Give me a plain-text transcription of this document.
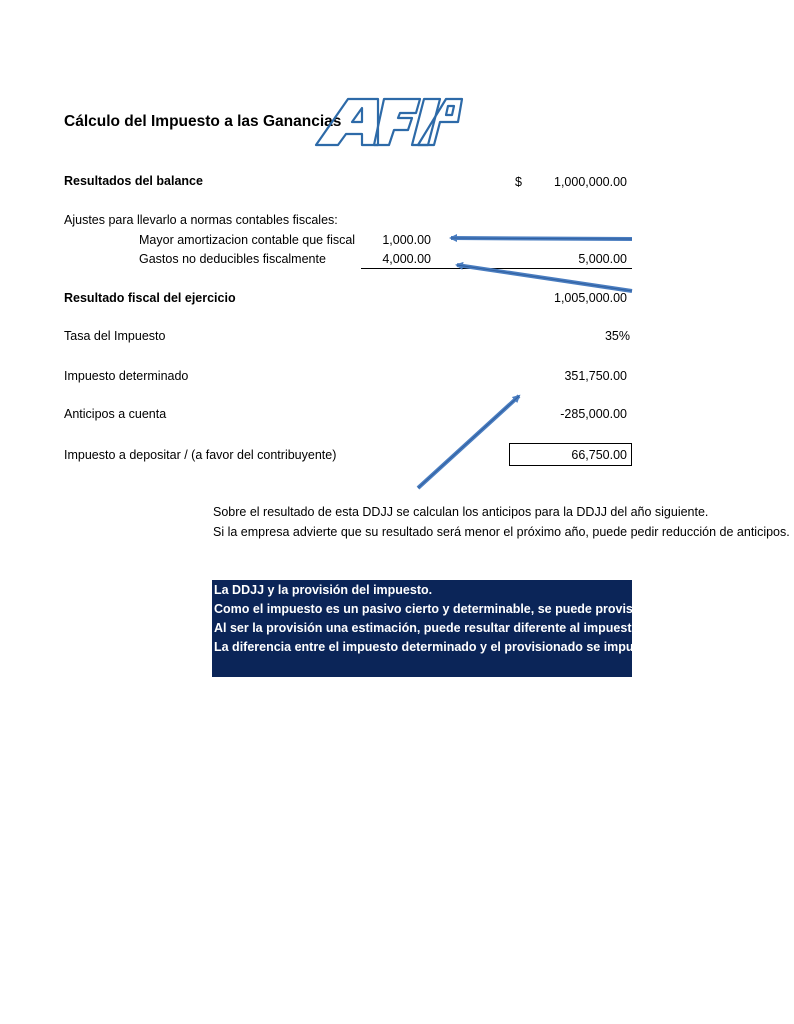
Cálculo del Impuesto a las Ganancias
Resultados del balance	$	1,000,000.00
Ajustes para llevarlo a normas contables fiscales:
Mayor amortizacion contable que fiscal	1,000.00
Gastos no deducibles fiscalmente	4,000.00	5,000.00
Resultado fiscal del ejercicio	1,005,000.00
Tasa del Impuesto	35%
Impuesto determinado	351,750.00
Anticipos a cuenta	-285,000.00
Impuesto a depositar / (a favor del contribuyente)	66,750.00
Sobre el resultado de esta DDJJ se calculan los anticipos para la DDJJ del año siguiente.
Si la empresa advierte que su resultado será menor el próximo año, puede pedir reducción de anticipos.
La DDJJ y la provisión del impuesto.
Como el impuesto es un pasivo cierto y determinable, se puede provisionar al cierre del ejercicio.
Al ser la provisión una estimación, puede resultar diferente al impuesto determinado en la DDJJ.
La diferencia entre el impuesto determinado y el provisionado se imputa a resultados.
